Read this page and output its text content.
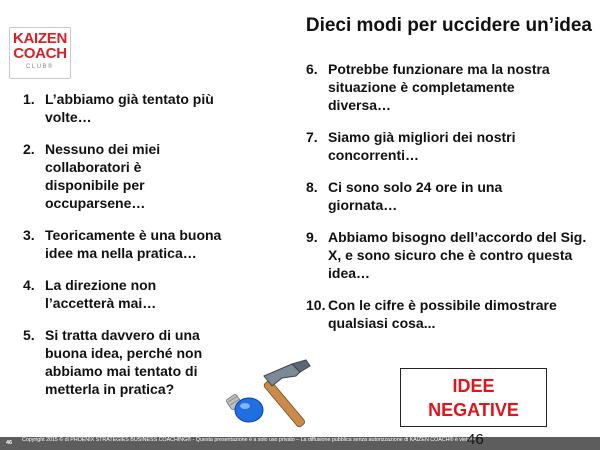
KAIZEN
COACH
CLUB®
Dieci modi per uccidere un’idea
1. L’abbiamo già tentato più volte…
2. Nessuno dei miei collaboratori è disponibile per occuparsene…
3. Teoricamente è una buona idee ma nella pratica…
4. La direzione non l’accetterà mai…
5. Si tratta davvero di una buona idea, perché non abbiamo mai tentato di metterla in pratica?
6. Potrebbe funzionare ma la nostra situazione è completamente diversa…
7. Siamo già migliori dei nostri concorrenti…
8. Ci sono solo 24 ore in una giornata…
9. Abbiamo bisogno dell’accordo del Sig. X, e sono sicuro che è contro questa idea…
10. Con le cifre è possibile dimostrare qualsiasi cosa...
IDEE
NEGATIVE
46 Copyright 2015 © di PHOENIX STRATEGIES BUSINESS COACHING® - Questa presentazione è a solo uso privato – La diffusione pubblica senza autorizzazione di KAIZEN COACH® è vietata
46
